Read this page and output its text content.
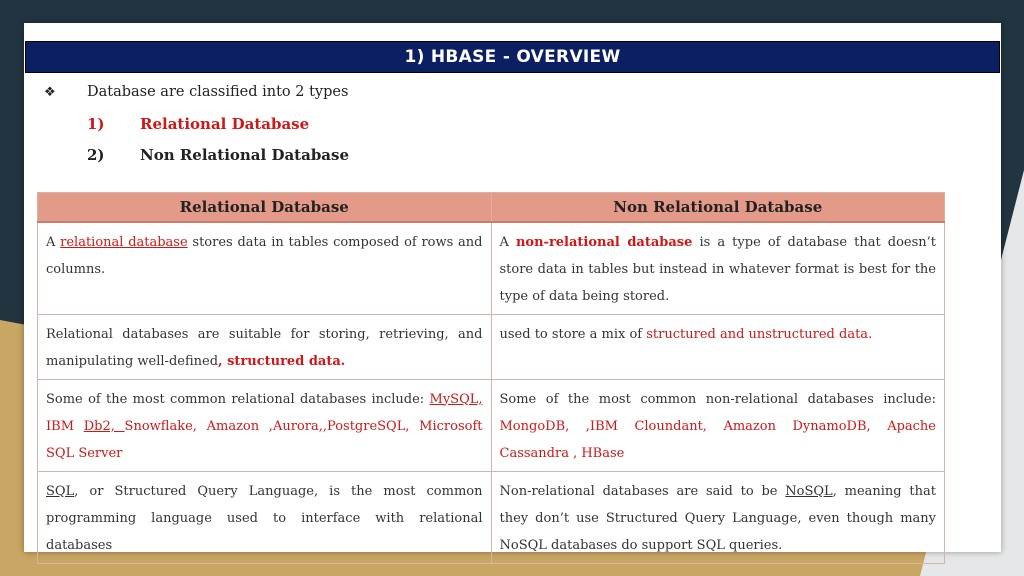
1) HBASE - OVERVIEW
❖ Database are classified into 2 types
1) Relational Database
2) Non Relational Database
Relational Database	Non Relational Database
A relational database stores data in tables composed of rows and columns.	A non-relational database is a type of database that doesn’t store data in tables but instead in whatever format is best for the type of data being stored.
Relational databases are suitable for storing, retrieving, and manipulating well-defined, structured data.	used to store a mix of structured and unstructured data.
Some of the most common relational databases include: MySQL, IBM Db2, Snowflake, Amazon ,Aurora,,PostgreSQL, Microsoft SQL Server	Some of the most common non-relational databases include: MongoDB, ,IBM Cloundant, Amazon DynamoDB, Apache Cassandra , HBase
SQL, or Structured Query Language, is the most common programming language used to interface with relational databases	Non-relational databases are said to be NoSQL, meaning that they don’t use Structured Query Language, even though many NoSQL databases do support SQL queries.
